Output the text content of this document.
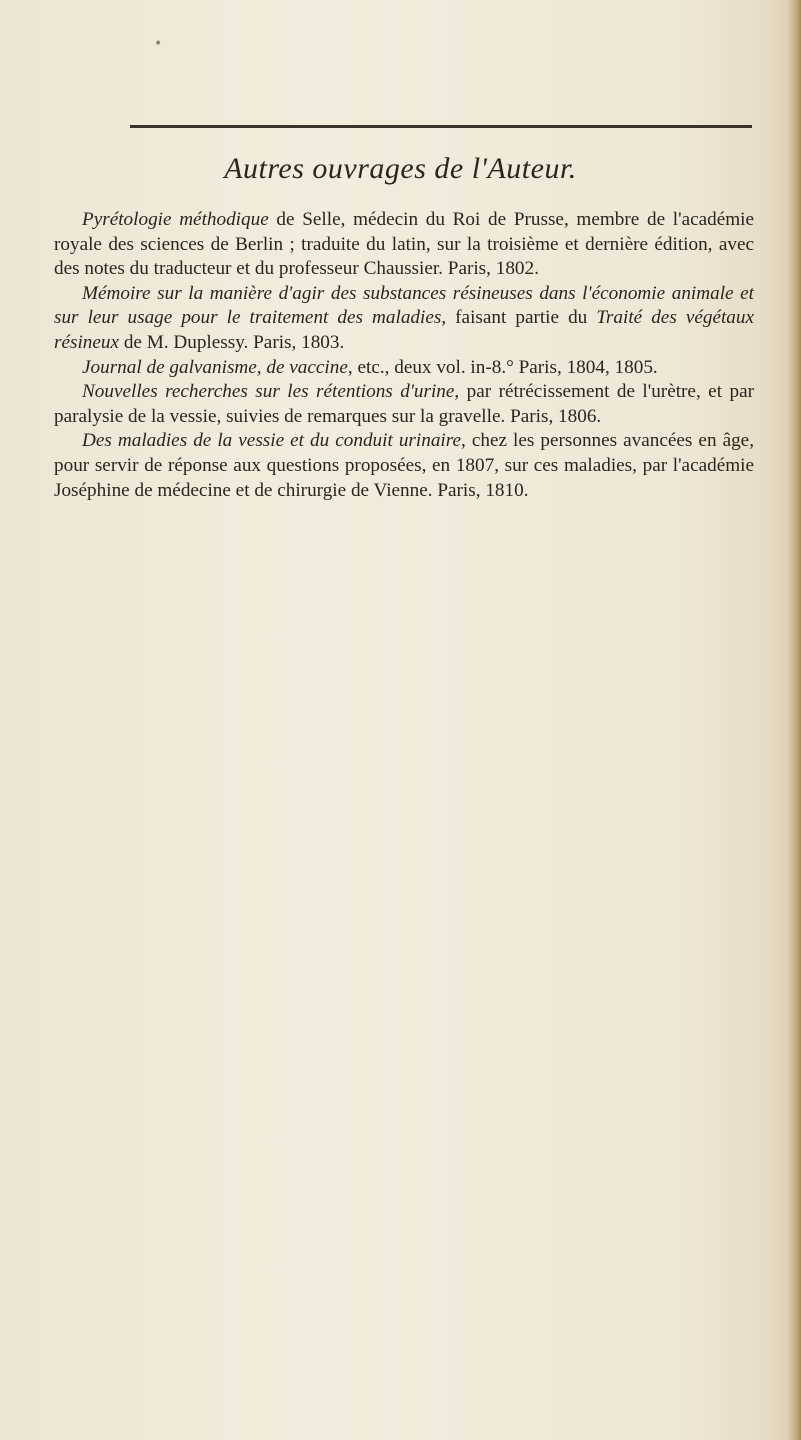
Autres ouvrages de l'Auteur.

Pyrétologie méthodique de Selle, médecin du Roi de Prusse, membre de l'académie royale des sciences de Berlin ; traduite du latin, sur la troisième et dernière édition, avec des notes du traducteur et du professeur Chaussier. Paris, 1802.

Mémoire sur la manière d'agir des substances résineuses dans l'économie animale et sur leur usage pour le traitement des maladies, faisant partie du Traité des végétaux résineux de M. Duplessy. Paris, 1803.

Journal de galvanisme, de vaccine, etc., deux vol. in-8.° Paris, 1804, 1805.

Nouvelles recherches sur les rétentions d'urine, par rétrécissement de l'urètre, et par paralysie de la vessie, suivies de remarques sur la gravelle. Paris, 1806.

Des maladies de la vessie et du conduit urinaire, chez les personnes avancées en âge, pour servir de réponse aux questions proposées, en 1807, sur ces maladies, par l'académie Joséphine de médecine et de chirurgie de Vienne. Paris, 1810.

•
